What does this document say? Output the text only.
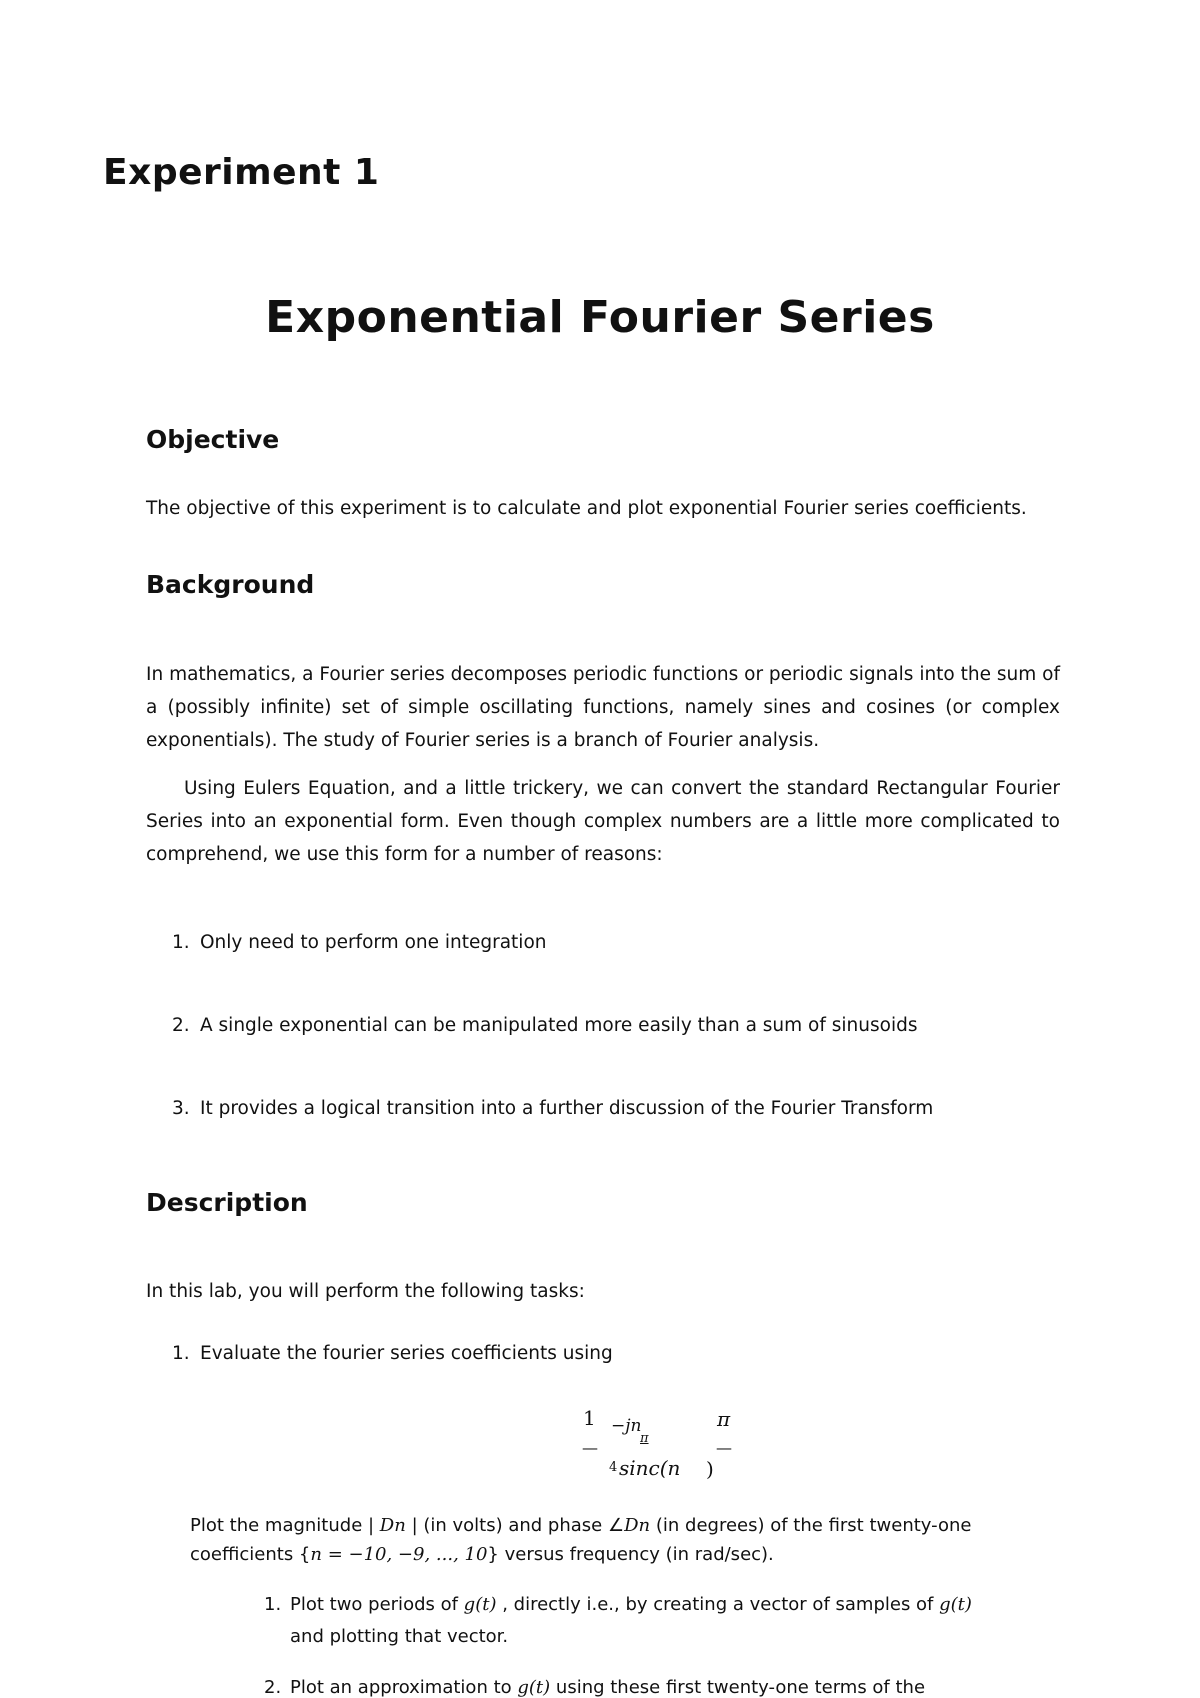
Experiment 1
Exponential Fourier Series
Objective
The objective of this experiment is to calculate and plot exponential Fourier series coefficients.
Background
In mathematics, a Fourier series decomposes periodic functions or periodic signals into the sum of a (possibly infinite) set of simple oscillating functions, namely sines and cosines (or complex exponentials). The study of Fourier series is a branch of Fourier analysis.
Using Eulers Equation, and a little trickery, we can convert the standard Rectangular Fourier Series into an exponential form. Even though complex numbers are a little more complicated to comprehend, we use this form for a number of reasons:
1. Only need to perform one integration
2. A single exponential can be manipulated more easily than a sum of sinusoids
3. It provides a logical transition into a further discussion of the Fourier Transform
Description
In this lab, you will perform the following tasks:
1. Evaluate the fourier series coefficients using
1
—
−jn
π
4 sinc(n )
π
—
Plot the magnitude | Dn | (in volts) and phase ∠Dn (in degrees) of the first twenty-one
coefficients {n = −10, −9, ..., 10} versus frequency (in rad/sec).
1. Plot two periods of g(t) , directly i.e., by creating a vector of samples of g(t)
and plotting that vector.
2. Plot an approximation to g(t) using these first twenty-one terms of the
